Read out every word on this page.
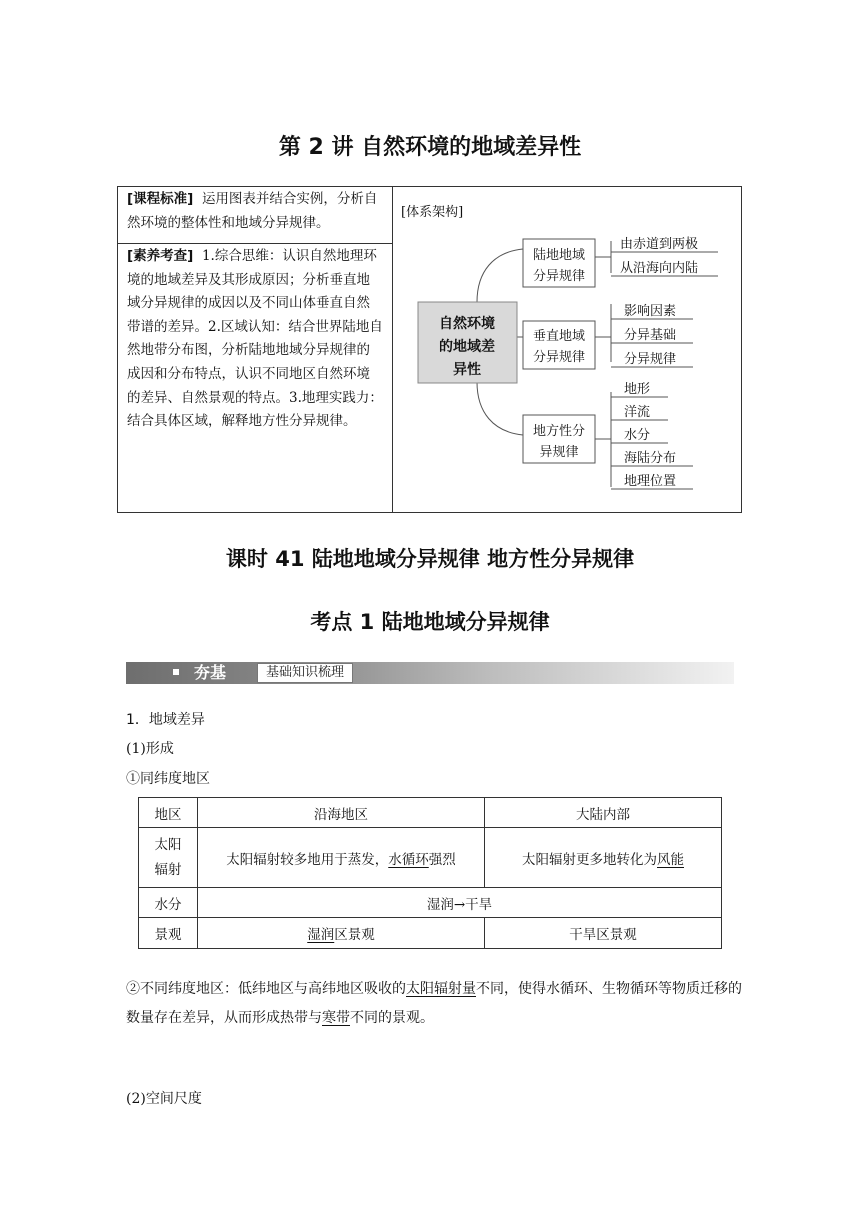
第 2 讲 自然环境的地域差异性
[课程标准] 运用图表并结合实例，分析自然环境的整体性和地域分异规律。
[素养考查] 1.综合思维：认识自然地理环境的地域差异及其形成原因；分析垂直地域分异规律的成因以及不同山体垂直自然带谱的差异。2.区域认知：结合世界陆地自然地带分布图，分析陆地地域分异规律的成因和分布特点，认识不同地区自然环境的差异、自然景观的特点。3.地理实践力：结合具体区域，解释地方性分异规律。
[体系架构]
自然环境
的地域差
异性
陆地地域
分异规律
由赤道到两极
从沿海向内陆
垂直地域
分异规律
影响因素
分异基础
分异规律
地方性分
异规律
地形
洋流
水分
海陆分布
地理位置
课时 41 陆地地域分异规律 地方性分异规律
考点 1 陆地地域分异规律
夯基	基础知识梳理
1．地域差异
(1)形成
①同纬度地区
地区	沿海地区	大陆内部
太阳辐射	太阳辐射较多地用于蒸发，水循环强烈	太阳辐射更多地转化为风能
水分	湿润→干旱	
景观	湿润区景观	干旱区景观
②不同纬度地区：低纬地区与高纬地区吸收的太阳辐射量不同，使得水循环、生物循环等物质迁移的数量存在差异，从而形成热带与寒带不同的景观。
(2)空间尺度
